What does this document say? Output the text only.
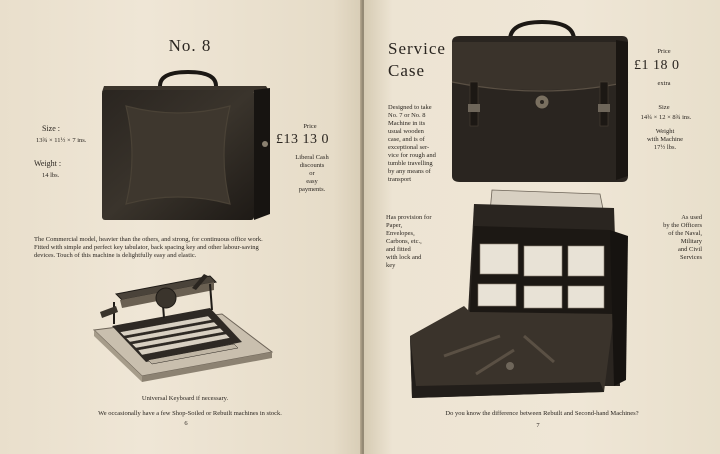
No. 8
Size :
13¾ × 11½ × 7 ins.
Weight :
14 lbs.
Price
£13 13 0
Liberal Cash
discounts
or
easy
payments.
The Commercial model, heavier than the others, and strong, for continuous office work.
Fitted with simple and perfect key tabulator, back spacing key and other labour-saving
devices. Touch of this machine is delightfully easy and elastic.
Universal Keyboard if necessary.
We occasionally have a few Shop-Soiled or Rebuilt machines in stock.
6
Service
Case
Price
£1 18 0
extra
Size
14¾ × 12 × 8¾ ins.
Weight
with Machine
17½ lbs.
Designed to take
No. 7 or No. 8
Machine in its
usual wooden
case, and is of
exceptional ser-
vice for rough and
tumble travelling
by any means of
transport
Has provision for
Paper,
Envelopes,
Carbons, etc.,
and fitted
with lock and
key
As used
by the Officers
of the Naval,
Military
and Civil
Services
Do you know the difference between Rebuilt and Second-hand Machines?
7
